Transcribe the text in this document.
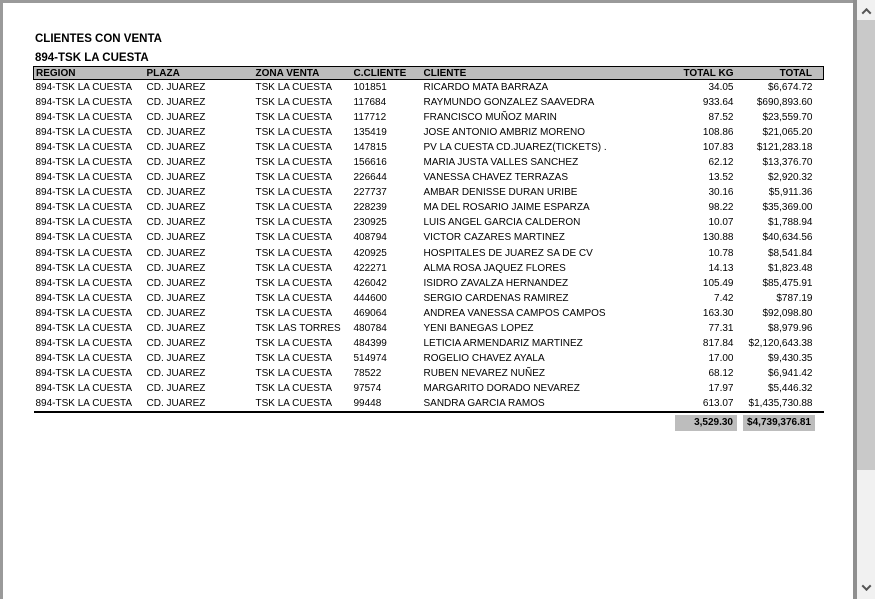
CLIENTES CON VENTA
894-TSK LA CUESTA
REGION	PLAZA	ZONA VENTA	C.CLIENTE	CLIENTE	TOTAL KG	TOTAL
894-TSK LA CUESTA	CD. JUAREZ	TSK LA CUESTA	101851	RICARDO MATA BARRAZA	34.05	$6,674.72
894-TSK LA CUESTA	CD. JUAREZ	TSK LA CUESTA	117684	RAYMUNDO GONZALEZ SAAVEDRA	933.64	$690,893.60
894-TSK LA CUESTA	CD. JUAREZ	TSK LA CUESTA	117712	FRANCISCO MUÑOZ MARIN	87.52	$23,559.70
894-TSK LA CUESTA	CD. JUAREZ	TSK LA CUESTA	135419	JOSE ANTONIO AMBRIZ MORENO	108.86	$21,065.20
894-TSK LA CUESTA	CD. JUAREZ	TSK LA CUESTA	147815	PV LA CUESTA CD.JUAREZ(TICKETS) .	107.83	$121,283.18
894-TSK LA CUESTA	CD. JUAREZ	TSK LA CUESTA	156616	MARIA JUSTA VALLES SANCHEZ	62.12	$13,376.70
894-TSK LA CUESTA	CD. JUAREZ	TSK LA CUESTA	226644	VANESSA CHAVEZ TERRAZAS	13.52	$2,920.32
894-TSK LA CUESTA	CD. JUAREZ	TSK LA CUESTA	227737	AMBAR DENISSE DURAN URIBE	30.16	$5,911.36
894-TSK LA CUESTA	CD. JUAREZ	TSK LA CUESTA	228239	MA DEL ROSARIO JAIME ESPARZA	98.22	$35,369.00
894-TSK LA CUESTA	CD. JUAREZ	TSK LA CUESTA	230925	LUIS ANGEL GARCIA CALDERON	10.07	$1,788.94
894-TSK LA CUESTA	CD. JUAREZ	TSK LA CUESTA	408794	VICTOR CAZARES MARTINEZ	130.88	$40,634.56
894-TSK LA CUESTA	CD. JUAREZ	TSK LA CUESTA	420925	HOSPITALES DE JUAREZ SA DE CV	10.78	$8,541.84
894-TSK LA CUESTA	CD. JUAREZ	TSK LA CUESTA	422271	ALMA ROSA JAQUEZ FLORES	14.13	$1,823.48
894-TSK LA CUESTA	CD. JUAREZ	TSK LA CUESTA	426042	ISIDRO ZAVALZA HERNANDEZ	105.49	$85,475.91
894-TSK LA CUESTA	CD. JUAREZ	TSK LA CUESTA	444600	SERGIO CARDENAS RAMIREZ	7.42	$787.19
894-TSK LA CUESTA	CD. JUAREZ	TSK LA CUESTA	469064	ANDREA VANESSA CAMPOS CAMPOS	163.30	$92,098.80
894-TSK LA CUESTA	CD. JUAREZ	TSK LAS TORRES	480784	YENI BANEGAS LOPEZ	77.31	$8,979.96
894-TSK LA CUESTA	CD. JUAREZ	TSK LA CUESTA	484399	LETICIA ARMENDARIZ MARTINEZ	817.84	$2,120,643.38
894-TSK LA CUESTA	CD. JUAREZ	TSK LA CUESTA	514974	ROGELIO CHAVEZ AYALA	17.00	$9,430.35
894-TSK LA CUESTA	CD. JUAREZ	TSK LA CUESTA	78522	RUBEN NEVAREZ NUÑEZ	68.12	$6,941.42
894-TSK LA CUESTA	CD. JUAREZ	TSK LA CUESTA	97574	MARGARITO DORADO NEVAREZ	17.97	$5,446.32
894-TSK LA CUESTA	CD. JUAREZ	TSK LA CUESTA	99448	SANDRA GARCIA RAMOS	613.07	$1,435,730.88
3,529.30	$4,739,376.81
